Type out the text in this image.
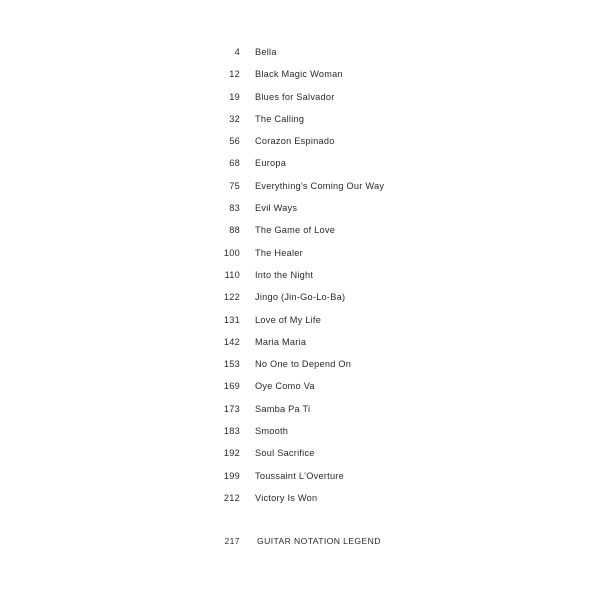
4 Bella
12 Black Magic Woman
19 Blues for Salvador
32 The Calling
56 Corazon Espinado
68 Europa
75 Everything's Coming Our Way
83 Evil Ways
88 The Game of Love
100 The Healer
110 Into the Night
122 Jingo (Jin-Go-Lo-Ba)
131 Love of My Life
142 Maria Maria
153 No One to Depend On
169 Oye Como Va
173 Samba Pa Ti
183 Smooth
192 Soul Sacrifice
199 Toussaint L'Overture
212 Victory Is Won
217 GUITAR NOTATION LEGEND
